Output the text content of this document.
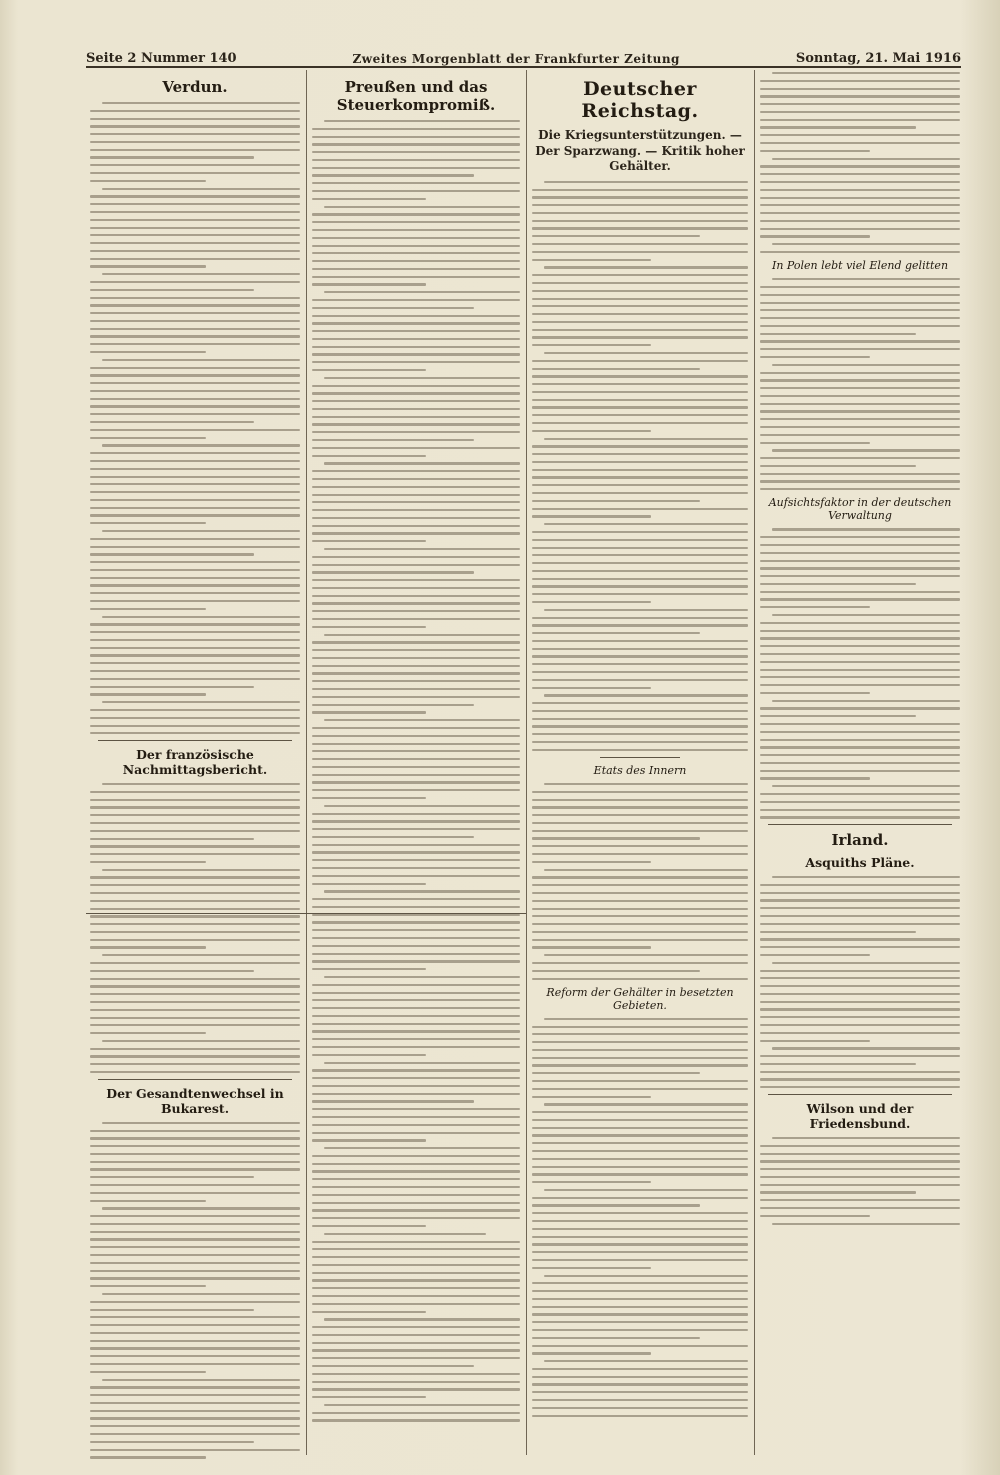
Seite 2 Nummer 140	Zweites Morgenblatt der Frankfurter Zeitung	Sonntag, 21. Mai 1916
Verdun.
Der französische Nachmittagsbericht.
Der Gesandtenwechsel in Bukarest.
Preußen und das Steuerkompromiß.
Deutscher Reichstag.
Die Kriegsunterstützungen. — Der Sparzwang. — Kritik hoher Gehälter.
Etats des Innern
Reform der Gehälter in besetzten Gebieten.
In Polen lebt viel Elend gelitten
Aufsichtsfaktor in der deutschen Verwaltung
Irland.
Asquiths Pläne.
Wilson und der Friedensbund.
